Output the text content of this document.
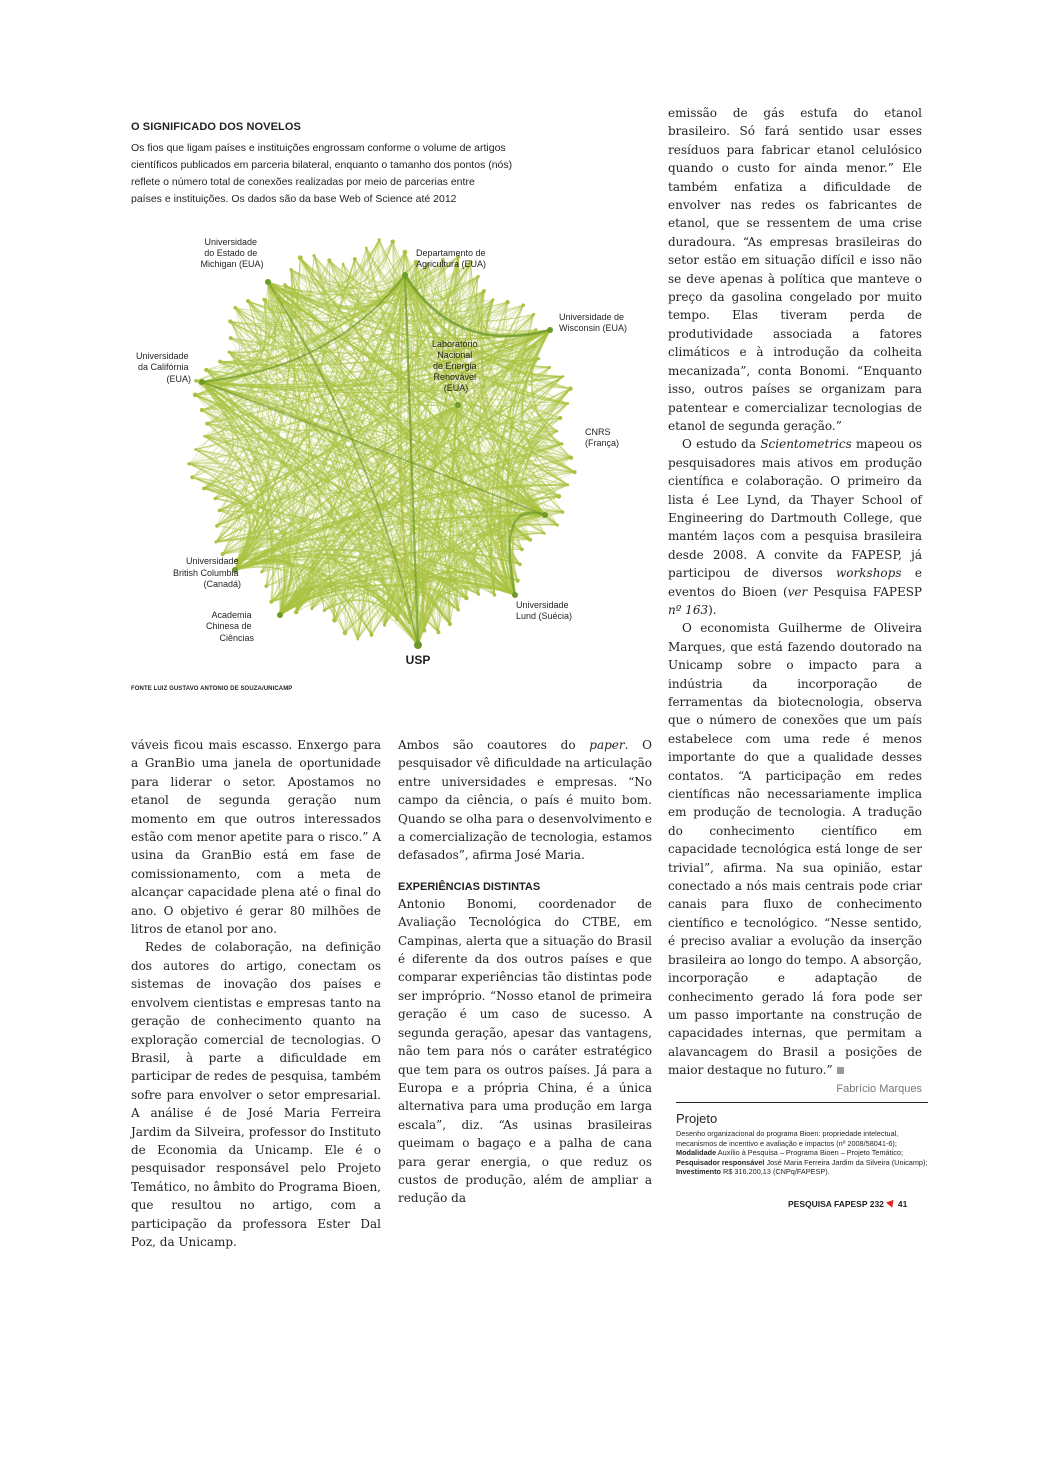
O SIGNIFICADO DOS NOVELOS

Os fios que ligam países e instituições engrossam conforme o volume de artigos

científicos publicados em parceria bilateral, enquanto o tamanho dos pontos (nós)

reflete o número total de conexões realizadas por meio de parcerias entre

países e instituições. Os dados são da base Web of Science até 2012

Universidade do Estado de Michigan (EUA)
Departamento de Agricultura (EUA)
Universidade de Wisconsin (EUA)
Laboratório Nacional de Energia Renovável (EUA)
Universidade da Califórnia (EUA)
CNRS (França)
Universidade British Columbia (Canadá)
Universidade Lund (Suécia)
Academia Chinesa de Ciências
USP
FONTE LUIZ GUSTAVO ANTONIO DE SOUZA/UNICAMP

váveis ficou mais escasso. Enxergo para a GranBio uma janela de oportunidade para liderar o setor. Apostamos no etanol de segunda geração num momento em que outros interessados estão com menor apetite para o risco.” A usina da GranBio está em fase de comissionamento, com a meta de alcançar capacidade plena até o final do ano. O objetivo é gerar 80 milhões de litros de etanol por ano.

Redes de colaboração, na definição dos autores do artigo, conectam os sistemas de inovação dos países e envolvem cientistas e empresas tanto na geração de conhecimento quanto na exploração comercial de tecnologias. O Brasil, à parte a dificuldade em participar de redes de pesquisa, também sofre para envolver o setor empresarial. A análise é de José Maria Ferreira Jardim da Silveira, professor do Instituto de Economia da Unicamp. Ele é o pesquisador responsável pelo Projeto Temático, no âmbito do Programa Bioen, que resultou no artigo, com a participação da professora Ester Dal Poz, da Unicamp.

Ambos são coautores do paper. O pesquisador vê dificuldade na articulação entre universidades e empresas. “No campo da ciência, o país é muito bom. Quando se olha para o desenvolvimento e a comercialização de tecnologia, estamos defasados”, afirma José Maria.

EXPERIÊNCIAS DISTINTAS

Antonio Bonomi, coordenador de Avaliação Tecnológica do CTBE, em Campinas, alerta que a situação do Brasil é diferente da dos outros países e que comparar experiências tão distintas pode ser impróprio. “Nosso etanol de primeira geração é um caso de sucesso. A segunda geração, apesar das vantagens, não tem para nós o caráter estratégico que tem para os outros países. Já para a Europa e a própria China, é a única alternativa para uma produção em larga escala”, diz. “As usinas brasileiras queimam o bagaço e a palha de cana para gerar energia, o que reduz os custos de produção, além de ampliar a redução da

emissão de gás estufa do etanol brasileiro. Só fará sentido usar esses resíduos para fabricar etanol celulósico quando o custo for ainda menor.” Ele também enfatiza a dificuldade de envolver nas redes os fabricantes de etanol, que se ressentem de uma crise duradoura. “As empresas brasileiras do setor estão em situação difícil e isso não se deve apenas à política que manteve o preço da gasolina congelado por muito tempo. Elas tiveram perda de produtividade associada a fatores climáticos e à introdução da colheita mecanizada”, conta Bonomi. “Enquanto isso, outros países se organizam para patentear e comercializar tecnologias de etanol de segunda geração.”

O estudo da Scientometrics mapeou os pesquisadores mais ativos em produção científica e colaboração. O primeiro da lista é Lee Lynd, da Thayer School of Engineering do Dartmouth College, que mantém laços com a pesquisa brasileira desde 2008. A convite da FAPESP, já participou de diversos workshops e eventos do Bioen (ver Pesquisa FAPESP nº 163).

O economista Guilherme de Oliveira Marques, que está fazendo doutorado na Unicamp sobre o impacto para a indústria da incorporação de ferramentas da biotecnologia, observa que o número de conexões que um país estabelece com uma rede é menos importante do que a qualidade desses contatos. “A participação em redes científicas não necessariamente implica em produção de tecnologia. A tradução do conhecimento científico em capacidade tecnológica está longe de ser trivial”, afirma. Na sua opinião, estar conectado a nós mais centrais pode criar canais para fluxo de conhecimento científico e tecnológico. “Nesse sentido, é preciso avaliar a evolução da inserção brasileira ao longo do tempo. A absorção, incorporação e adaptação de conhecimento gerado lá fora pode ser um passo importante na construção de capacidades internas, que permitam a alavancagem do Brasil a posições de maior destaque no futuro.”
Fabrício Marques

Projeto

Desenho organizacional do programa Bioen: propriedade intelectual, mecanismos de incentivo e avaliação e impactos (nº 2008/58041-6); Modalidade Auxílio à Pesquisa – Programa Bioen – Projeto Temático; Pesquisador responsável José Maria Ferreira Jardim da Silveira (Unicamp); Investimento R$ 316.200,13 (CNPq/FAPESP).

PESQUISA FAPESP 232 41
